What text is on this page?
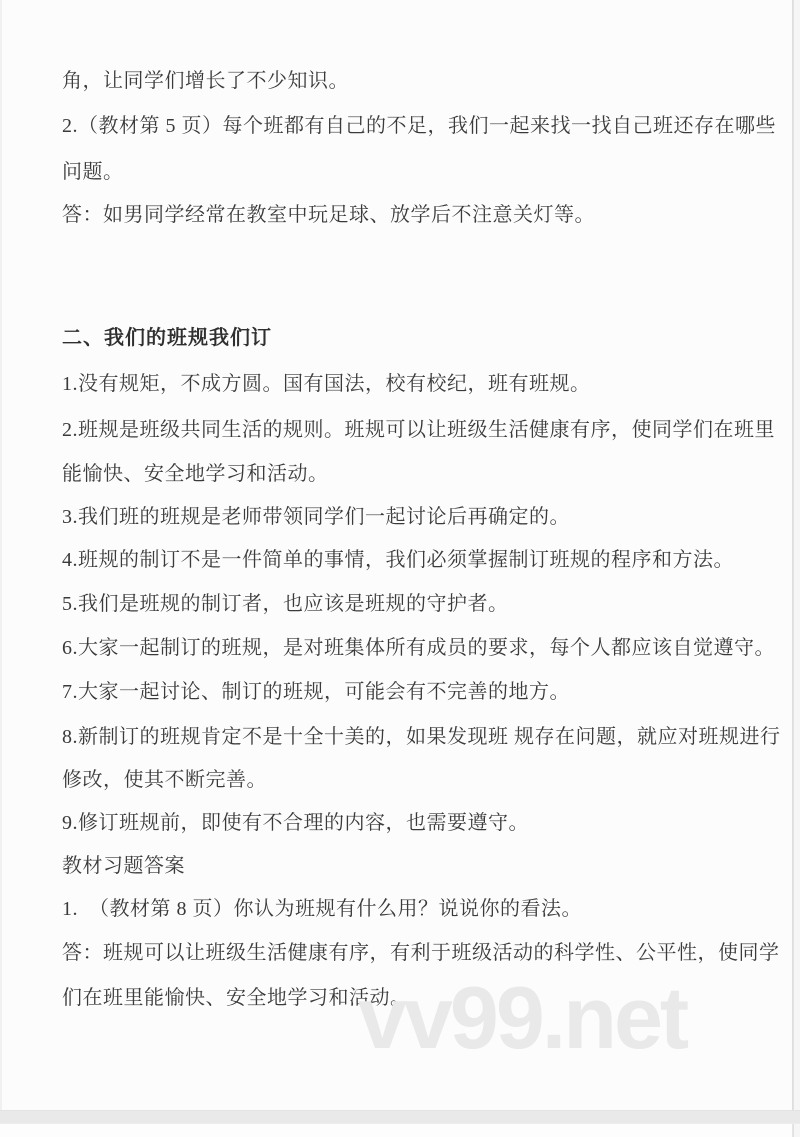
角，让同学们增长了不少知识。
2.（教材第 5 页）每个班都有自己的不足，我们一起来找一找自己班还存在哪些
问题。
答：如男同学经常在教室中玩足球、放学后不注意关灯等。
二、我们的班规我们订
1.没有规矩，不成方圆。国有国法，校有校纪，班有班规。
2.班规是班级共同生活的规则。班规可以让班级生活健康有序，使同学们在班里
能愉快、安全地学习和活动。
3.我们班的班规是老师带领同学们一起讨论后再确定的。
4.班规的制订不是一件简单的事情，我们必须掌握制订班规的程序和方法。
5.我们是班规的制订者，也应该是班规的守护者。
6.大家一起制订的班规，是对班集体所有成员的要求，每个人都应该自觉遵守。
7.大家一起讨论、制订的班规，可能会有不完善的地方。
8.新制订的班规肯定不是十全十美的，如果发现班 规存在问题，就应对班规进行
修改，使其不断完善。
9.修订班规前，即使有不合理的内容，也需要遵守。
教材习题答案
1.  （教材第 8 页）你认为班规有什么用？说说你的看法。
答：班规可以让班级生活健康有序，有利于班级活动的科学性、公平性，使同学
们在班里能愉快、安全地学习和活动。
vv99.net
